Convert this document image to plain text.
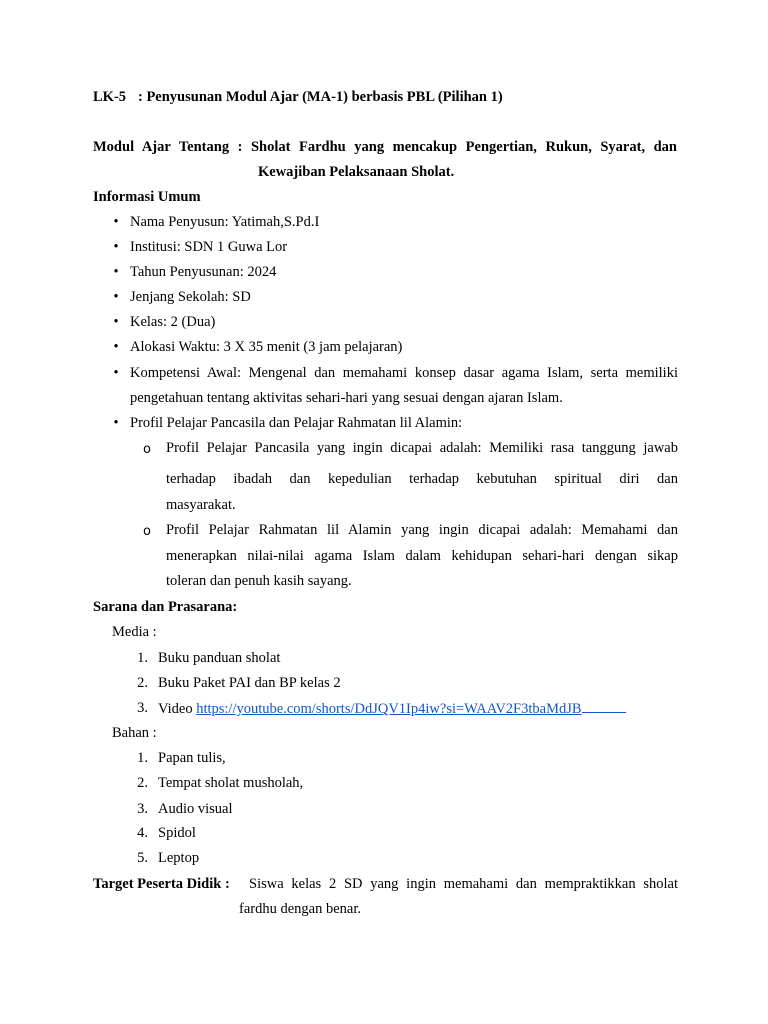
LK-5 : Penyusunan Modul Ajar (MA-1) berbasis PBL (Pilihan 1)
Modul Ajar Tentang : Sholat Fardhu yang mencakup Pengertian, Rukun, Syarat, dan
Kewajiban Pelaksanaan Sholat.
Informasi Umum
• Nama Penyusun: Yatimah,S.Pd.I
• Institusi: SDN 1 Guwa Lor
• Tahun Penyusunan: 2024
• Jenjang Sekolah: SD
• Kelas: 2 (Dua)
• Alokasi Waktu: 3 X 35 menit (3 jam pelajaran)
• Kompetensi Awal: Mengenal dan memahami konsep dasar agama Islam, serta memiliki
pengetahuan tentang aktivitas sehari-hari yang sesuai dengan ajaran Islam.
• Profil Pelajar Pancasila dan Pelajar Rahmatan lil Alamin:
o Profil Pelajar Pancasila yang ingin dicapai adalah: Memiliki rasa tanggung jawab
terhadap ibadah dan kepedulian terhadap kebutuhan spiritual diri dan
masyarakat.
o Profil Pelajar Rahmatan lil Alamin yang ingin dicapai adalah: Memahami dan
menerapkan nilai-nilai agama Islam dalam kehidupan sehari-hari dengan sikap
toleran dan penuh kasih sayang.
Sarana dan Prasarana:
Media :
1. Buku panduan sholat
2. Buku Paket PAI dan BP kelas 2
3. Video https://youtube.com/shorts/DdJQV1Ip4iw?si=WAAV2F3tbaMdJB
Bahan :
1. Papan tulis,
2. Tempat sholat musholah,
3. Audio visual
4. Spidol
5. Leptop
Target Peserta Didik : Siswa kelas 2 SD yang ingin memahami dan mempraktikkan sholat
fardhu dengan benar.
